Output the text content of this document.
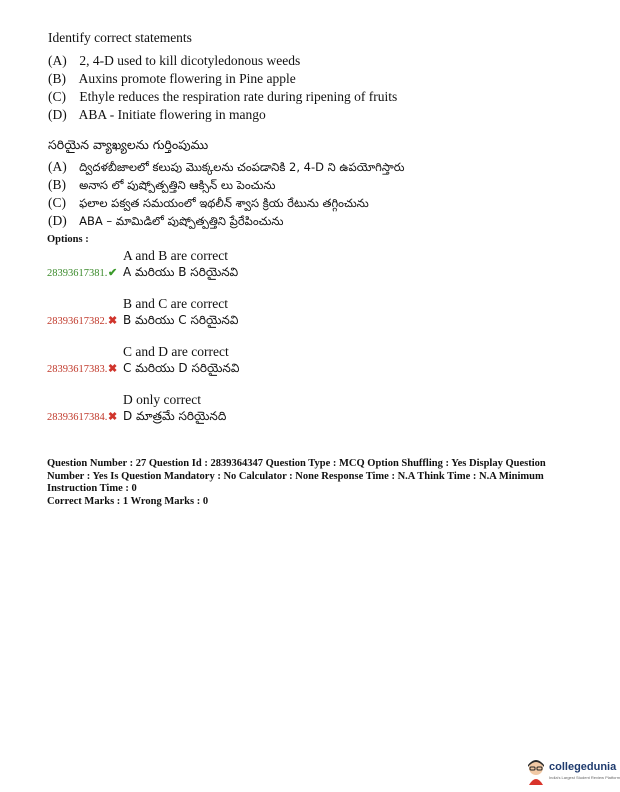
Identify correct statements
(A) 2, 4-D used to kill dicotyledonous weeds
(B) Auxins promote flowering in Pine apple
(C) Ethyle reduces the respiration rate during ripening of fruits
(D) ABA - Initiate flowering in mango
సరియైన వ్యాఖ్యలను గుర్తింపుము
(A) ద్విదళబీజాలలో కలుపు మొక్కలను చంపడానికి 2, 4-D ని ఉపయోగిస్తారు
(B) అనాస లో పుష్పోత్పత్తిని ఆక్సిన్ లు పెంచును
(C) ఫలాల పక్వత సమయంలో ఇథలీన్ శ్వాస క్రియ రేటును తగ్గించును
(D) ABA – మామిడిలో పుష్పోత్పత్తిని ప్రేరేపించును
Options :
A and B are correct
28393617381. ✔ A మరియు B సరియైనవి
B and C are correct
28393617382. ✖ B మరియు C సరియైనవి
C and D are correct
28393617383. ✖ C మరియు D సరియైనవి
D only correct
28393617384. ✖ D మాత్రమే సరియైనది

Question Number : 27 Question Id : 2839364347 Question Type : MCQ Option Shuffling : Yes Display Question Number : Yes Is Question Mandatory : No Calculator : None Response Time : N.A Think Time : N.A Minimum Instruction Time : 0

Correct Marks : 1 Wrong Marks : 0

collegedunia
India's Largest Student Review Platform
